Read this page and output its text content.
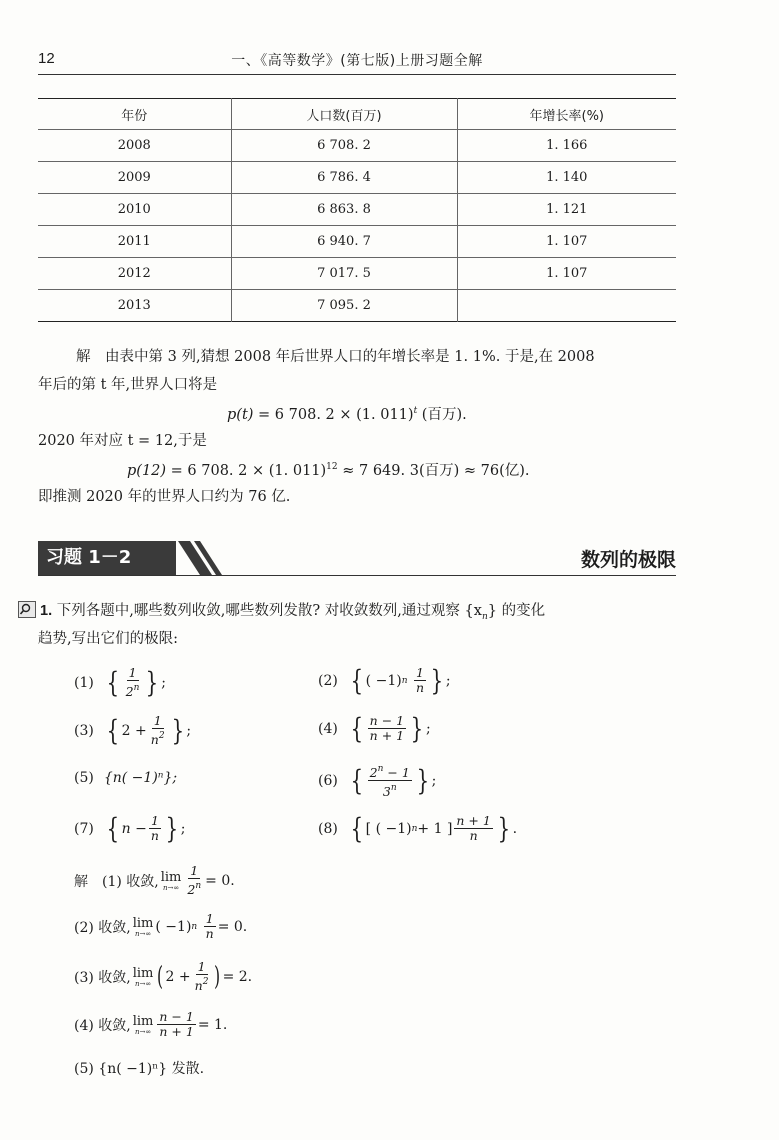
12	一、《高等数学》(第七版)上册习题全解
年份	人口数(百万)	年增长率(%)
2008	6 708. 2	1. 166
2009	6 786. 4	1. 140
2010	6 863. 8	1. 121
2011	6 940. 7	1. 107
2012	7 017. 5	1. 107
2013	7 095. 2	
解　由表中第 3 列,猜想 2008 年后世界人口的年增长率是 1. 1%. 于是,在 2008
年后的第 t 年,世界人口将是
p(t) = 6 708. 2 × (1. 011)$^t$ (百万).
2020 年对应 t = 12,于是
p(12) = 6 708. 2 × (1. 011)$^{12}$ ≈ 7 649. 3(百万) ≈ 76(亿).
即推测 2020 年的世界人口约为 76 亿.
习题 1－2	数列的极限
1. 下列各题中,哪些数列收敛,哪些数列发散? 对收敛数列,通过观察 $\{x_n\}$ 的变化
趋势,写出它们的极限:
(1) { $\frac{1}{2^n}$ } ;	(2) { ( −1) n
$\frac{1}{n}$ } ;
(3) { $2 + \frac{1}{n^2}$ } ;	(4) { $\frac{n - 1}{n + 1}$ } ;
(5) {n( −1)ⁿ};	(6) { $\frac{2^n - 1}{3^n}$ } ;
(7) { $n - \frac{1}{n}$ } ;	(8) { [ ( −1) n + 1 ] $\frac{n + 1}{n}$ } .
解　(1) 收敛, lim
$n\to\infty \frac{1}{2^n} = 0$.
(2) 收敛, lim
n→∞ ( −1) n
$\frac{1}{n} = 0$.
(3) 收敛, lim
n→∞ ( $2 + \frac{1}{n^2}$ ) = 2.
(4) 收敛, lim
$n\to\infty \frac{n - 1}{n + 1} = 1$.
(5) {n( −1)ⁿ} 发散.
